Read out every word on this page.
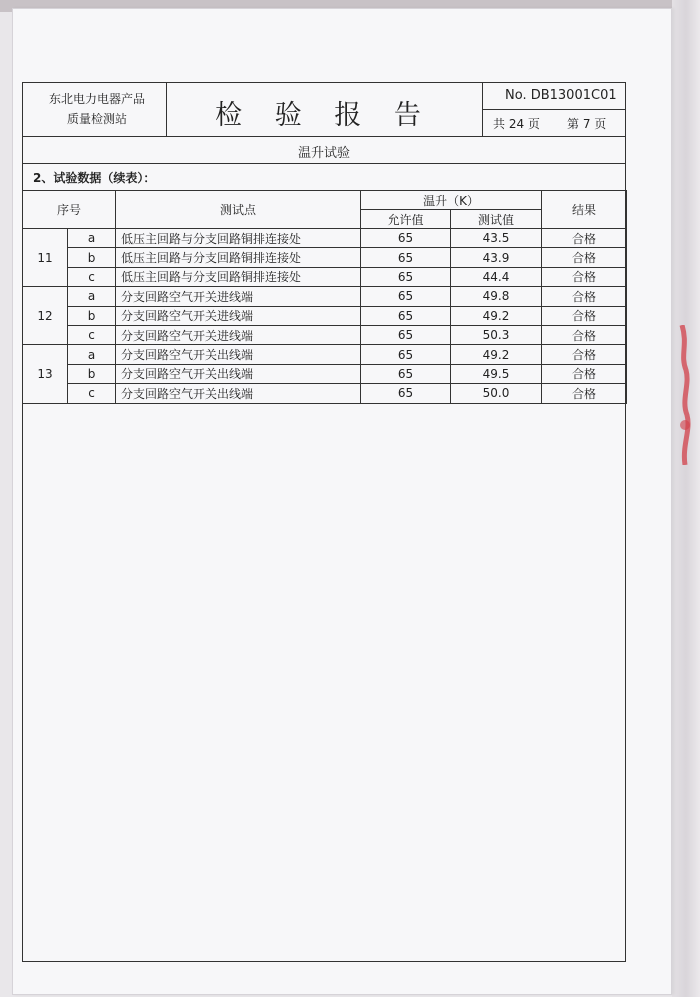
东北电力电器产品
质量检测站	检 验 报 告
No. DB13001C01
共 24 页 第 7 页
温升试验
2、试验数据（续表）：
序号		测试点	温升（K）		结果
			允许值	测试值	
11	a	低压主回路与分支回路铜排连接处	65	43.5	合格
	b	低压主回路与分支回路铜排连接处	65	43.9	合格
	c	低压主回路与分支回路铜排连接处	65	44.4	合格
12	a	分支回路空气开关进线端	65	49.8	合格
	b	分支回路空气开关进线端	65	49.2	合格
	c	分支回路空气开关进线端	65	50.3	合格
13	a	分支回路空气开关出线端	65	49.2	合格
	b	分支回路空气开关出线端	65	49.5	合格
	c	分支回路空气开关出线端	65	50.0	合格
